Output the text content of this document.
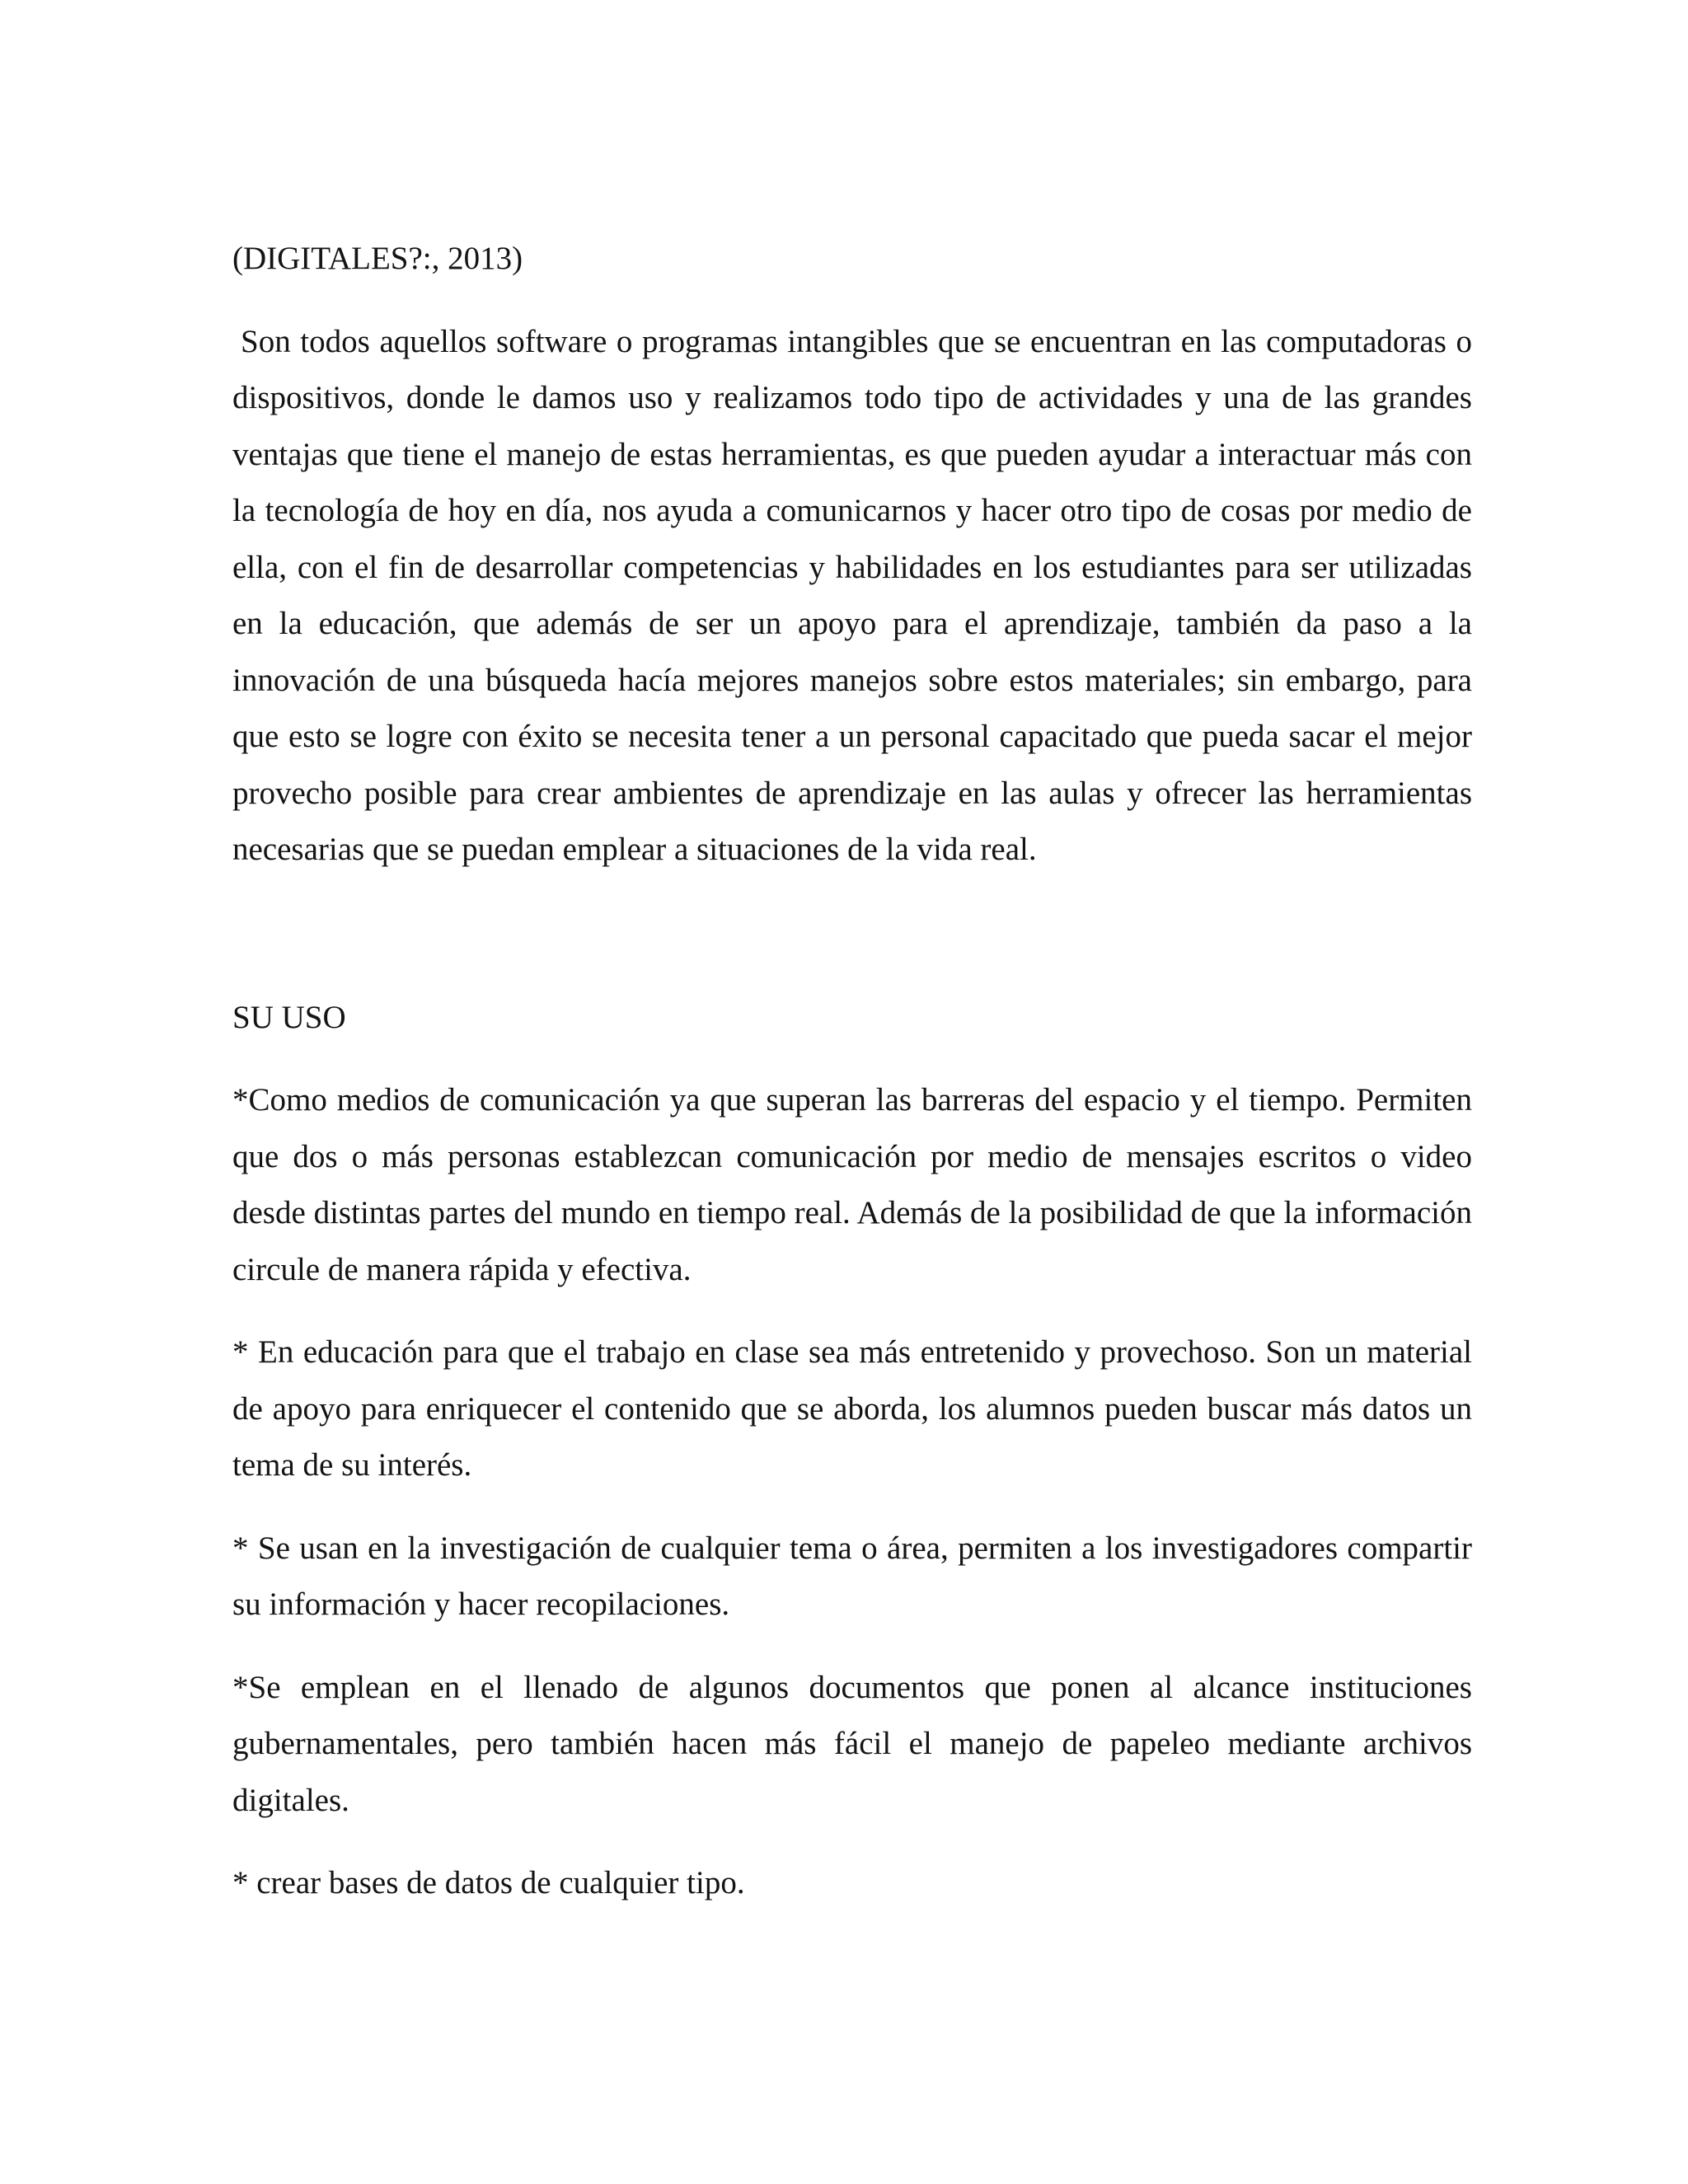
(DIGITALES?:, 2013)

Son todos aquellos software o programas intangibles que se encuentran en las computadoras o dispositivos, donde le damos uso y realizamos todo tipo de actividades y una de las grandes ventajas que tiene el manejo de estas herramientas, es que pueden ayudar a interactuar más con la tecnología de hoy en día, nos ayuda a comunicarnos y hacer otro tipo de cosas por medio de ella, con el fin de desarrollar competencias y habilidades en los estudiantes para ser utilizadas en la educación, que además de ser un apoyo para el aprendizaje, también da paso a la innovación de una búsqueda hacía mejores manejos sobre estos materiales; sin embargo, para que esto se logre con éxito se necesita tener a un personal capacitado que pueda sacar el mejor provecho posible para crear ambientes de aprendizaje en las aulas y ofrecer las herramientas necesarias que se puedan emplear a situaciones de la vida real.

SU USO

*Como medios de comunicación ya que superan las barreras del espacio y el tiempo. Permiten que dos o más personas establezcan comunicación por medio de mensajes escritos o video desde distintas partes del mundo en tiempo real. Además de la posibilidad de que la información circule de manera rápida y efectiva.

* En educación para que el trabajo en clase sea más entretenido y provechoso. Son un material de apoyo para enriquecer el contenido que se aborda, los alumnos pueden buscar más datos un tema de su interés.

* Se usan en la investigación de cualquier tema o área, permiten a los investigadores compartir su información y hacer recopilaciones.

*Se emplean en el llenado de algunos documentos que ponen al alcance instituciones gubernamentales, pero también hacen más fácil el manejo de papeleo mediante archivos digitales.

* crear bases de datos de cualquier tipo.
